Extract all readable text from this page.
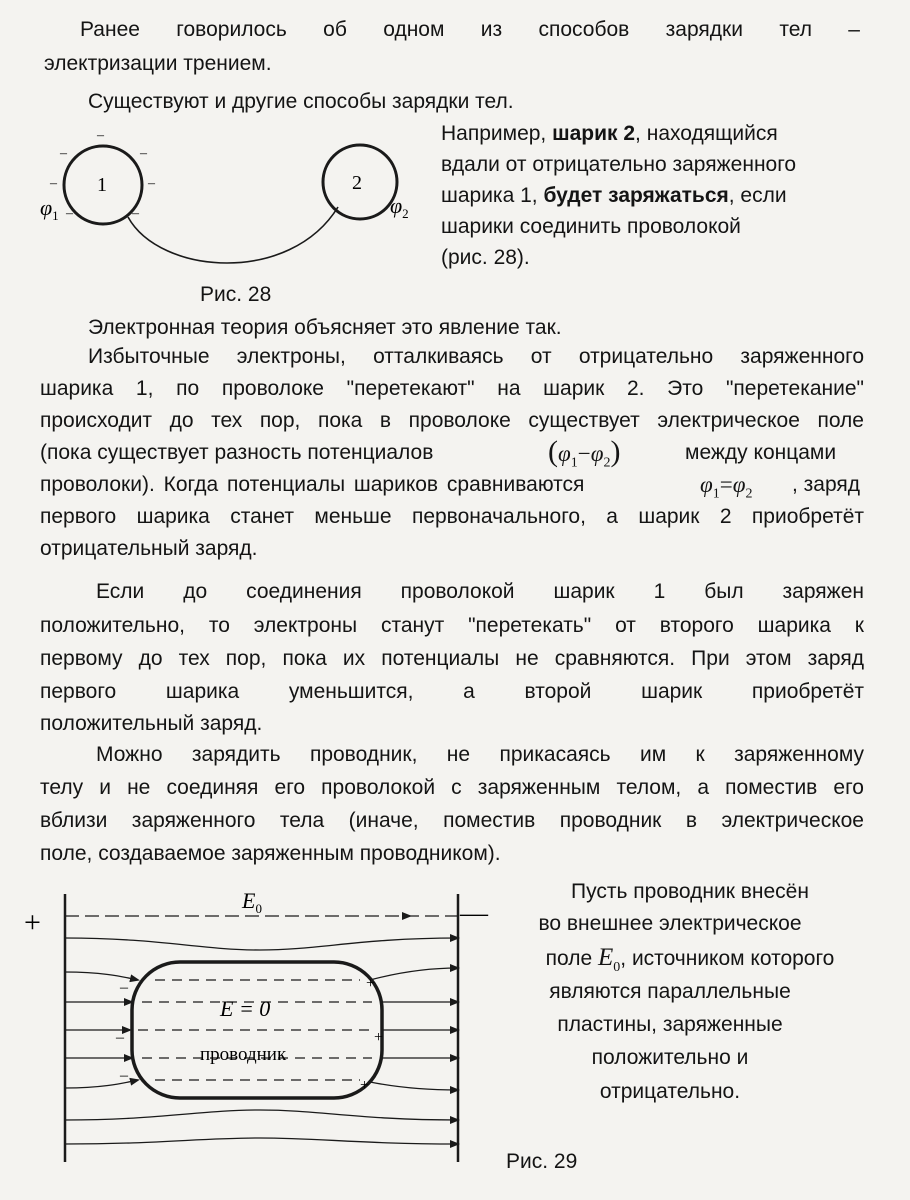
Ранее говорилось об одном из способов зарядки тел –

электризации трением.

Существуют и другие способы зарядки тел.

1	2
–
–	–
–	–
–	–
$\varphi_1$	$\varphi_2$

Рис. 28

Например, шарик 2, находящийся

вдали от отрицательно заряженного

шарика 1, будет заряжаться, если

шарики соединить проволокой

(рис. 28).

Электронная теория объясняет это явление так.

Избыточные электроны, отталкиваясь от отрицательно заряженного

шарика 1, по проволоке "перетекают" на шарик 2. Это "перетекание"

происходит до тех пор, пока в проволоке существует электрическое поле

(пока существует разность потенциалов	$(\varphi_1-\varphi_2)$	между концами
проволоки). Когда потенциалы шариков сравниваются	$\varphi_1=\varphi_2$ , заряд

первого шарика станет меньше первоначального, а шарик 2 приобретёт

отрицательный заряд.

Если до соединения проволокой шарик 1 был заряжен

положительно, то электроны станут "перетекать" от второго шарика к

первому до тех пор, пока их потенциалы не сравняются. При этом заряд

первого шарика уменьшится, а второй шарик приобретёт

положительный заряд.

Можно зарядить проводник, не прикасаясь им к заряженному

телу и не соединяя его проволокой с заряженным телом, а поместив его

вблизи заряженного тела (иначе, поместив проводник в электрическое

поле, создаваемое заряженным проводником).

+	—
–
–
–
+
+
+
$E_0$
E = 0
проводник

Рис. 29

Пусть проводник внесён

во внешнее электрическое

поле $E_0$, источником которого

являются параллельные

пластины, заряженные

положительно и

отрицательно.
